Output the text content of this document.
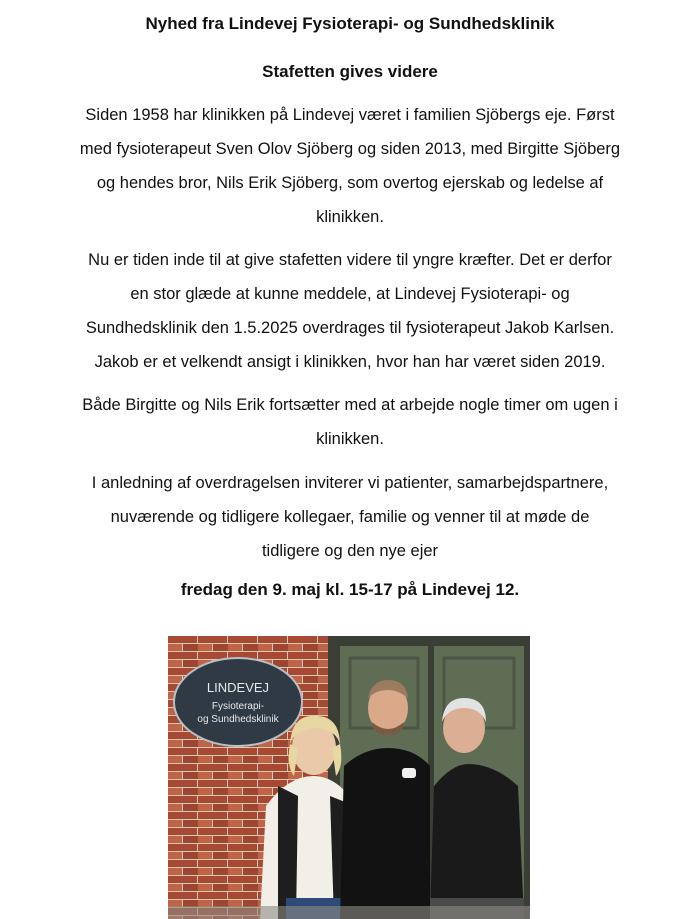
Nyhed fra Lindevej Fysioterapi- og Sundhedsklinik

Stafetten gives videre

Siden 1958 har klinikken på Lindevej været i familien Sjöbergs eje. Først
med fysioterapeut Sven Olov Sjöberg og siden 2013, med Birgitte Sjöberg
og hendes bror, Nils Erik Sjöberg, som overtog ejerskab og ledelse af
klinikken.

Nu er tiden inde til at give stafetten videre til yngre kræfter. Det er derfor
en stor glæde at kunne meddele, at Lindevej Fysioterapi- og
Sundhedsklinik den 1.5.2025 overdrages til fysioterapeut Jakob Karlsen.
Jakob er et velkendt ansigt i klinikken, hvor han har været siden 2019.

Både Birgitte og Nils Erik fortsætter med at arbejde nogle timer om ugen i
klinikken.

I anledning af overdragelsen inviterer vi patienter, samarbejdspartnere,
nuværende og tidligere kollegaer, familie og venner til at møde de
tidligere og den nye ejer

fredag den 9. maj kl. 15-17 på Lindevej 12.

LINDEVEJ
Fysioterapi-
og Sundhedsklinik
